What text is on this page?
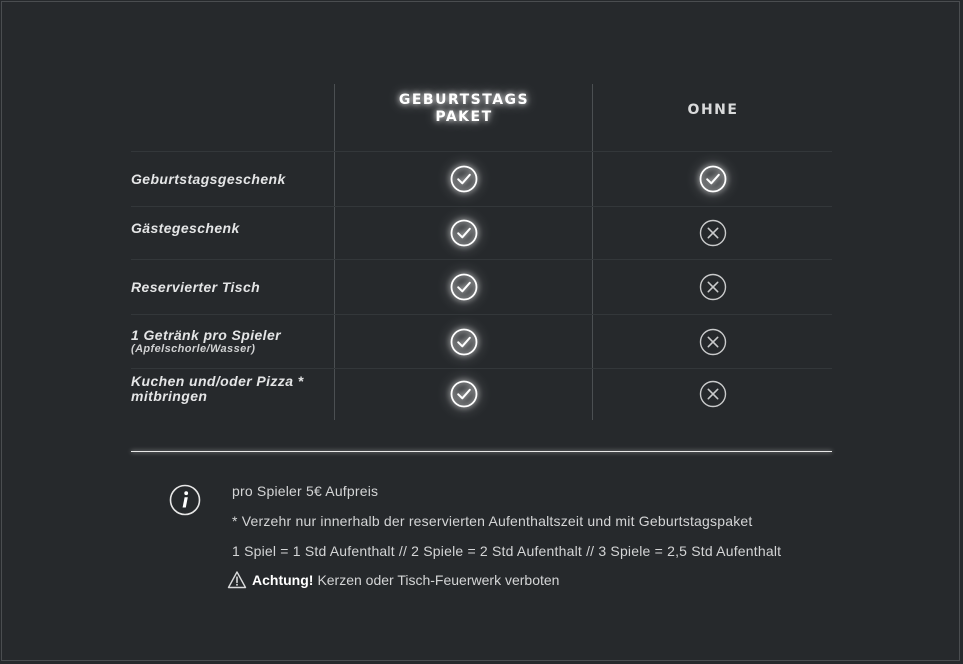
GEBURTSTAGS
PAKET	OHNE
Geburtstagsgeschenk
Gästegeschenk
Reservierter Tisch
1 Getränk pro Spieler
(Apfelschorle/Wasser)
Kuchen und/oder Pizza *
mitbringen
pro Spieler 5€ Aufpreis
* Verzehr nur innerhalb der reservierten Aufenthaltszeit und mit Geburtstagspaket
1 Spiel = 1 Std Aufenthalt // 2 Spiele = 2 Std Aufenthalt // 3 Spiele = 2,5 Std Aufenthalt
Achtung! Kerzen oder Tisch-Feuerwerk verboten
